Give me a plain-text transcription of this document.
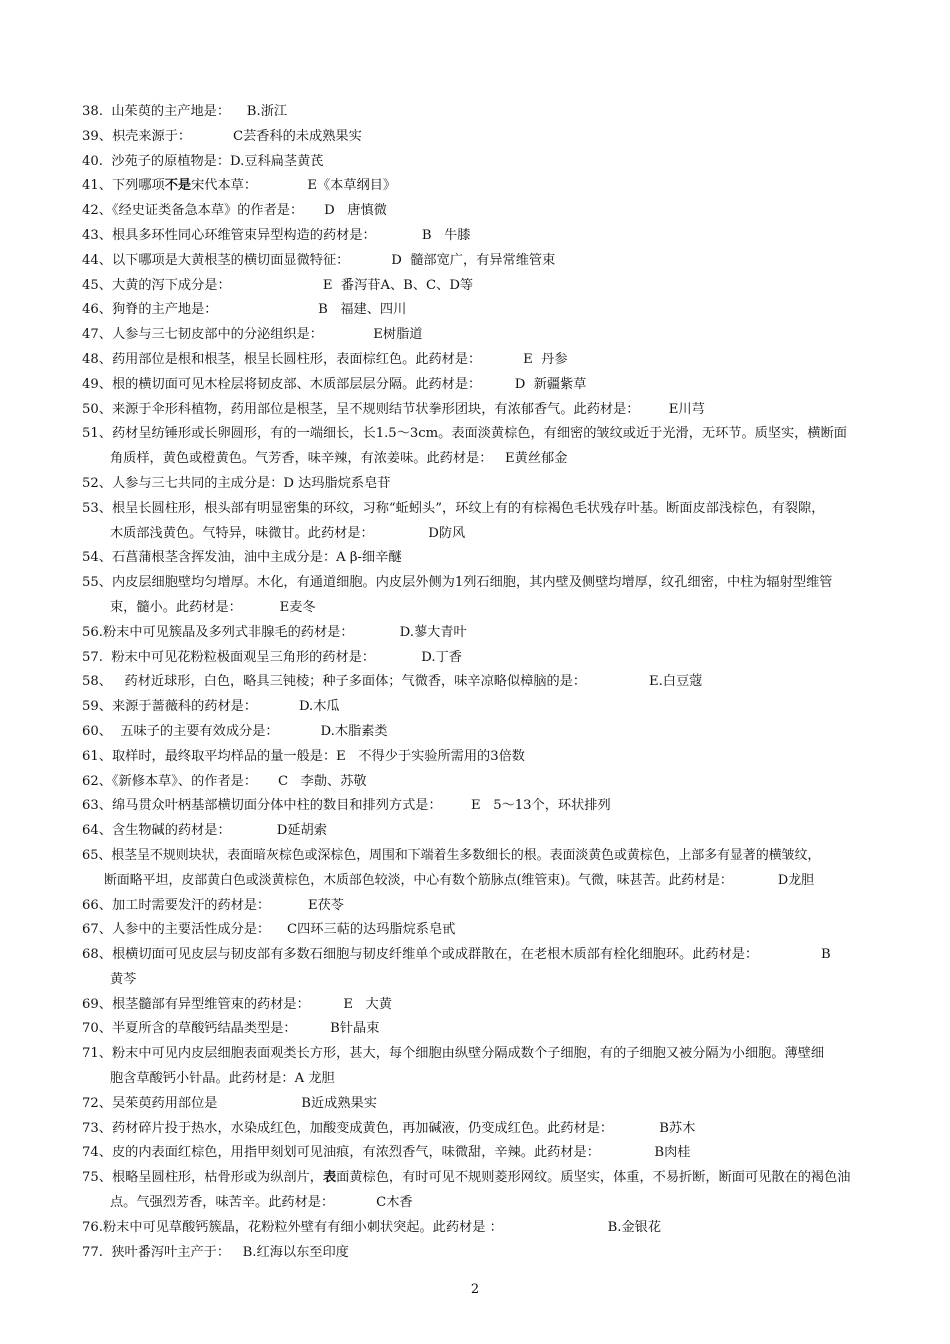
38.  山茱萸的主产地是：    B.浙江
39、枳壳来源于：          C芸香科的未成熟果实
40.  沙苑子的原植物是：D.豆科扁茎黄芪
41、下列哪项不是宋代本草：            E《本草纲目》
42、《经史证类备急本草》的作者是：     D   唐慎微
43、根具多环性同心环维管束异型构造的药材是：           B   牛膝
44、以下哪项是大黄根茎的横切面显微特征：          D  髓部宽广，有异常维管束
45、大黄的泻下成分是：                      E  番泻苷A、B、C、D等
46、狗脊的主产地是：                        B   福建、四川
47、人参与三七韧皮部中的分泌组织是：            E树脂道
48、药用部位是根和根茎，根呈长圆柱形，表面棕红色。此药材是：          E  丹参
49、根的横切面可见木栓层将韧皮部、木质部层层分隔。此药材是：        D  新疆紫草
50、来源于伞形科植物，药用部位是根茎，呈不规则结节状拳形团块，有浓郁香气。此药材是：       E川芎
51、药材呈纺锤形或长卵圆形，有的一端细长，长1.5～3cm。表面淡黄棕色，有细密的皱纹或近于光滑，无环节。质坚实，横断面
角质样，黄色或橙黄色。气芳香，味辛辣，有浓姜味。此药材是：   E黄丝郁金
52、人参与三七共同的主成分是：D 达玛脂烷系皂苷
53、根呈长圆柱形，根头部有明显密集的环纹，习称“蚯蚓头”，环纹上有的有棕褐色毛状残存叶基。断面皮部浅棕色，有裂隙，
木质部浅黄色。气特异，味微甘。此药材是：             D防风
54、石菖蒲根茎含挥发油，油中主成分是：A β-细辛醚
55、内皮层细胞壁均匀增厚。木化，有通道细胞。内皮层外侧为1列石细胞，其内壁及侧壁均增厚，纹孔细密，中柱为辐射型维管
束，髓小。此药材是：         E麦冬
56.粉末中可见簇晶及多列式非腺毛的药材是：           D.蓼大青叶
57.  粉末中可见花粉粒极面观呈三角形的药材是：           D.丁香
58、   药材近球形，白色，略具三钝棱；种子多面体；气微香，味辛凉略似樟脑的是：               E.白豆蔻
59、来源于蔷薇科的药材是：          D.木瓜
60、  五味子的主要有效成分是：          D.木脂素类
61、取样时，最终取平均样品的量一般是：E   不得少于实验所需用的3倍数
62、《新修本草》、的作者是：     C   李勣、苏敬
63、绵马贯众叶柄基部横切面分体中柱的数目和排列方式是：       E   5～13个，环状排列
64、含生物碱的药材是：           D延胡索
65、根茎呈不规则块状，表面暗灰棕色或深棕色，周围和下端着生多数细长的根。表面淡黄色或黄棕色，上部多有显著的横皱纹，
断面略平坦，皮部黄白色或淡黄棕色，木质部色较淡，中心有数个筋脉点(维管束)。气微，味甚苦。此药材是：           D龙胆
66、加工时需要发汗的药材是：         E茯苓
67、人参中的主要活性成分是：    C四环三萜的达玛脂烷系皂甙
68、根横切面可见皮层与韧皮部有多数石细胞与韧皮纤维单个或成群散在，在老根木质部有栓化细胞环。此药材是：               B
黄芩
69、根茎髓部有异型维管束的药材是：        E   大黄
70、半夏所含的草酸钙结晶类型是：        B针晶束
71、粉末中可见内皮层细胞表面观类长方形，甚大，每个细胞由纵壁分隔成数个子细胞，有的子细胞又被分隔为小细胞。薄壁细
胞含草酸钙小针晶。此药材是：A 龙胆
72、吴茱萸药用部位是                    B近成熟果实
73、药材碎片投于热水，水染成红色，加酸变成黄色，再加碱液，仍变成红色。此药材是：           B苏木
74、皮的内表面红棕色，用指甲刻划可见油痕，有浓烈香气，味微甜，辛辣。此药材是：             B肉桂
75、根略呈圆柱形，枯骨形或为纵剖片，表面黄棕色，有时可见不规则菱形网纹。质坚实，体重，不易折断，断面可见散在的褐色油
点。气强烈芳香，味苦辛。此药材是：          C木香
76.粉末中可见草酸钙簇晶，花粉粒外壁有有细小刺状突起。此药材是 ：                         B.金银花
77.  狭叶番泻叶主产于：   B.红海以东至印度
2
